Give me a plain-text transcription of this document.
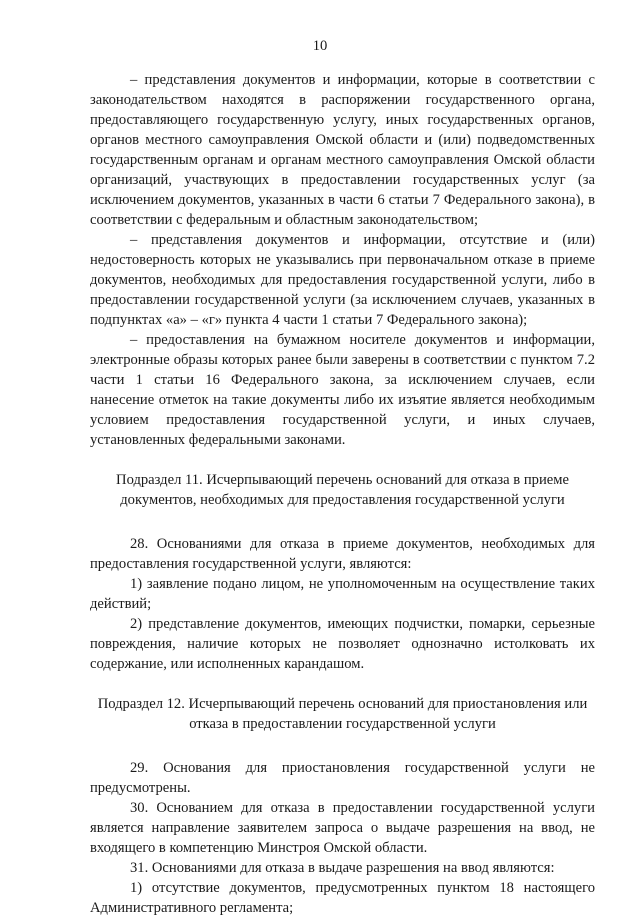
10

– представления документов и информации, которые в соответствии с законодательством находятся в распоряжении государственного органа, предоставляющего государственную услугу, иных государственных органов, органов местного самоуправления Омской области и (или) подведомственных государственным органам и органам местного самоуправления Омской области организаций, участвующих в предоставлении государственных услуг (за исключением документов, указанных в части 6 статьи 7 Федерального закона), в соответствии с федеральным и областным законодательством;

– представления документов и информации, отсутствие и (или) недостоверность которых не указывались при первоначальном отказе в приеме документов, необходимых для предоставления государственной услуги, либо в предоставлении государственной услуги (за исключением случаев, указанных в подпунктах «а» – «г» пункта 4 части 1 статьи 7 Федерального закона);

– предоставления на бумажном носителе документов и информации, электронные образы которых ранее были заверены в соответствии с пунктом 7.2 части 1 статьи 16 Федерального закона, за исключением случаев, если нанесение отметок на такие документы либо их изъятие является необходимым условием предоставления государственной услуги, и иных случаев, установленных федеральными законами.

Подраздел 11. Исчерпывающий перечень оснований для отказа в приеме документов, необходимых для предоставления государственной услуги

28. Основаниями для отказа в приеме документов, необходимых для предоставления государственной услуги, являются:

1) заявление подано лицом, не уполномоченным на осуществление таких действий;

2) представление документов, имеющих подчистки, помарки, серьезные повреждения, наличие которых не позволяет однозначно истолковать их содержание, или исполненных карандашом.

Подраздел 12. Исчерпывающий перечень оснований для приостановления или отказа в предоставлении государственной услуги

29. Основания для приостановления государственной услуги не предусмотрены.

30. Основанием для отказа в предоставлении государственной услуги является направление заявителем запроса о выдаче разрешения на ввод, не входящего в компетенцию Минстроя Омской области.

31. Основаниями для отказа в выдаче разрешения на ввод являются:

1) отсутствие документов, предусмотренных пунктом 18 настоящего Административного регламента;
